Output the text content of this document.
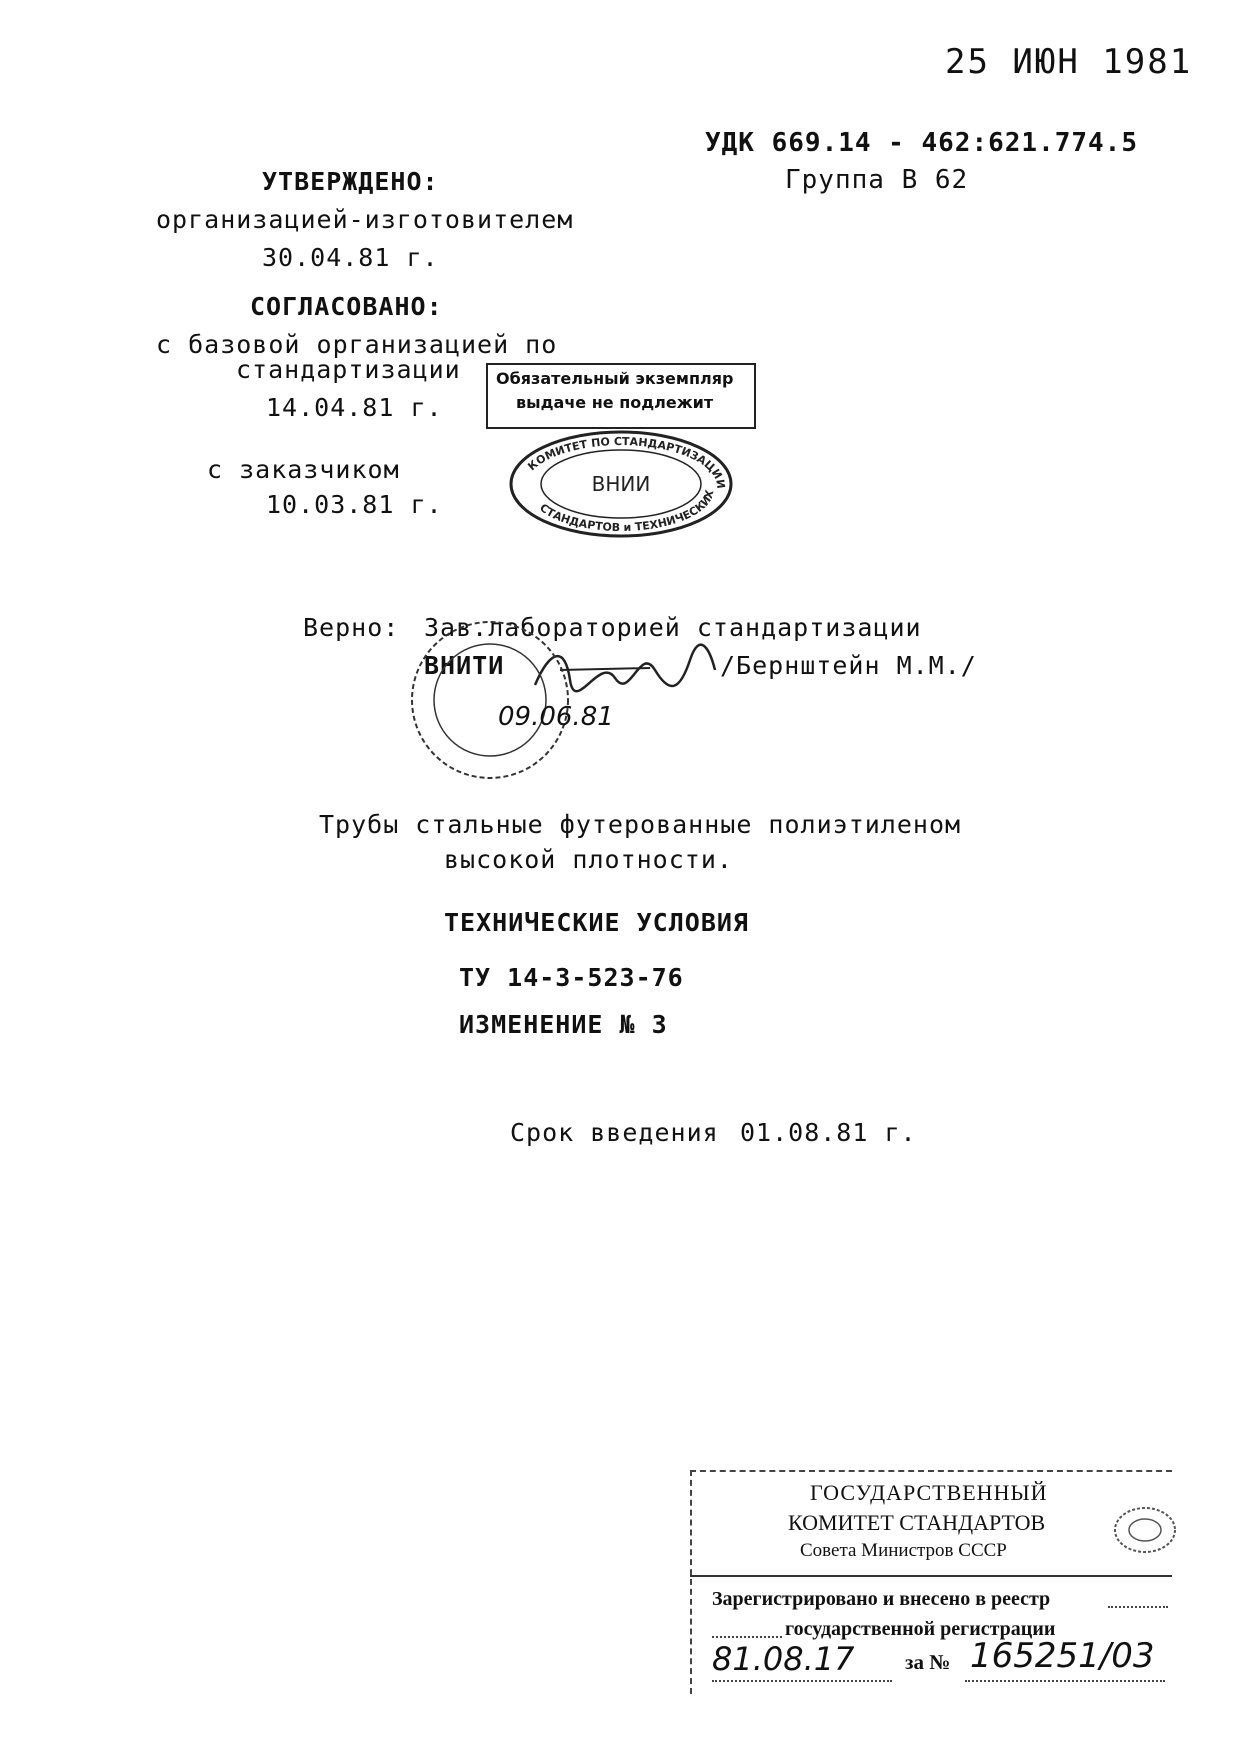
25 ИЮН 1981
УДК 669.14 - 462:621.774.5
Группа В 62
УТВЕРЖДЕНО:
организацией-изготовителем
30.04.81 г.
СОГЛАСОВАНО:
с базовой организацией по
стандартизации
14.04.81 г.
с заказчиком
10.03.81 г.
Обязательный экземпляр
выдаче не подлежит
КОМИТЕТ ПО СТАНДАРТИЗАЦИИ
СТАНДАРТОВ и ТЕХНИЧЕСКИХ
ВНИИ
Верно: Зав.лабораторией стандартизации
ВНИТИ	/Бернштейн М.М./
09.06.81
Трубы стальные футерованные полиэтиленом
высокой плотности.
ТЕХНИЧЕСКИЕ УСЛОВИЯ
ТУ 14-3-523-76
ИЗМЕНЕНИЕ № 3
Срок введения 01.08.81 г.
ГОСУДАРСТВЕННЫЙ
КОМИТЕТ СТАНДАРТОВ
Совета Министров СССР
Зарегистрировано и внесено в реестр
государственной регистрации
81.08.17 за № 165251/03
